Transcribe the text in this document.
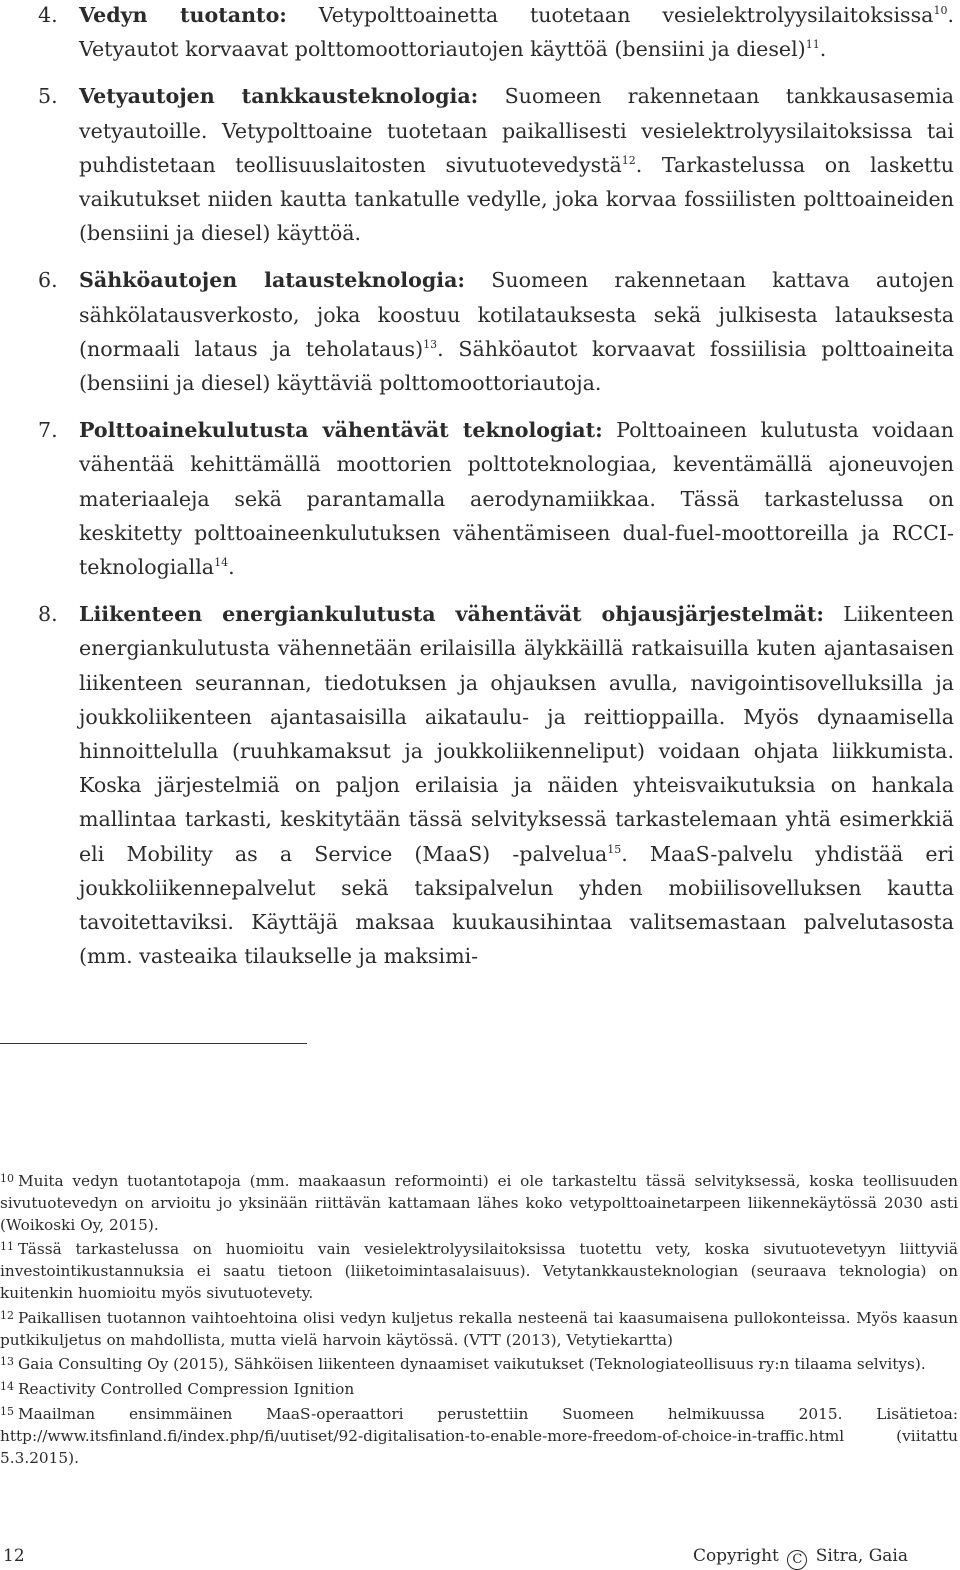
4. Vedyn tuotanto: Vetypolttoainetta tuotetaan vesielektrolyysilaitoksissa$^{10}$. Vetyautot korvaavat polttomoottoriautojen käyttöä (bensiini ja diesel)$^{11}$.
5. Vetyautojen tankkausteknologia: Suomeen rakennetaan tankkausasemia vetyautoille. Vetypolttoaine tuotetaan paikallisesti vesielektrolyysilaitoksissa tai puhdistetaan teollisuuslaitosten sivutuotevedystä$^{12}$. Tarkastelussa on laskettu vaikutukset niiden kautta tankatulle vedylle, joka korvaa fossiilisten polttoaineiden (bensiini ja diesel) käyttöä.
6. Sähköautojen latausteknologia: Suomeen rakennetaan kattava autojen sähkölatausverkosto, joka koostuu kotilatauksesta sekä julkisesta latauksesta (normaali lataus ja teholataus)$^{13}$. Sähköautot korvaavat fossiilisia polttoaineita (bensiini ja diesel) käyttäviä polttomoottoriautoja.
7. Polttoainekulutusta vähentävät teknologiat: Polttoaineen kulutusta voidaan vähentää kehittämällä moottorien polttoteknologiaa, keventämällä ajoneuvojen materiaaleja sekä parantamalla aerodynamiikkaa. Tässä tarkastelussa on keskitetty polttoaineenkulutuksen vähentämiseen dual-fuel-moottoreilla ja RCCI-teknologialla$^{14}$.
8. Liikenteen energiankulutusta vähentävät ohjausjärjestelmät: Liikenteen energiankulutusta vähennetään erilaisilla älykkäillä ratkaisuilla kuten ajantasaisen liikenteen seurannan, tiedotuksen ja ohjauksen avulla, navigointisovelluksilla ja joukkoliikenteen ajantasaisilla aikataulu- ja reittioppailla. Myös dynaamisella hinnoittelulla (ruuhkamaksut ja joukkoliikenneliput) voidaan ohjata liikkumista. Koska järjestelmiä on paljon erilaisia ja näiden yhteisvaikutuksia on hankala mallintaa tarkasti, keskitytään tässä selvityksessä tarkastelemaan yhtä esimerkkiä eli Mobility as a Service (MaaS) -palvelua$^{15}$. MaaS-palvelu yhdistää eri joukkoliikennepalvelut sekä taksipalvelun yhden mobiilisovelluksen kautta tavoitettaviksi. Käyttäjä maksaa kuukausihintaa valitsemastaan palvelutasosta (mm. vasteaika tilaukselle ja maksimi-
$^{10}$ Muita vedyn tuotantotapoja (mm. maakaasun reformointi) ei ole tarkasteltu tässä selvityksessä, koska teollisuuden sivutuotevedyn on arvioitu jo yksinään riittävän kattamaan lähes koko vetypolttoainetarpeen liikennekäytössä 2030 asti (Woikoski Oy, 2015).
$^{11}$ Tässä tarkastelussa on huomioitu vain vesielektrolyysilaitoksissa tuotettu vety, koska sivutuotevetyyn liittyviä investointikustannuksia ei saatu tietoon (liiketoimintasalaisuus). Vetytankkausteknologian (seuraava teknologia) on kuitenkin huomioitu myös sivutuotevety.
$^{12}$ Paikallisen tuotannon vaihtoehtoina olisi vedyn kuljetus rekalla nesteenä tai kaasumaisena pullokonteissa. Myös kaasun putkikuljetus on mahdollista, mutta vielä harvoin käytössä. (VTT (2013), Vetytiekartta)
$^{13}$ Gaia Consulting Oy (2015), Sähköisen liikenteen dynaamiset vaikutukset (Teknologiateollisuus ry:n tilaama selvitys).
$^{14}$ Reactivity Controlled Compression Ignition
$^{15}$ Maailman ensimmäinen MaaS-operaattori perustettiin Suomeen helmikuussa 2015. Lisätietoa: http://www.itsfinland.fi/index.php/fi/uutiset/92-digitalisation-to-enable-more-freedom-of-choice-in-traffic.html (viitattu 5.3.2015).
12	Copyright C Sitra, Gaia
